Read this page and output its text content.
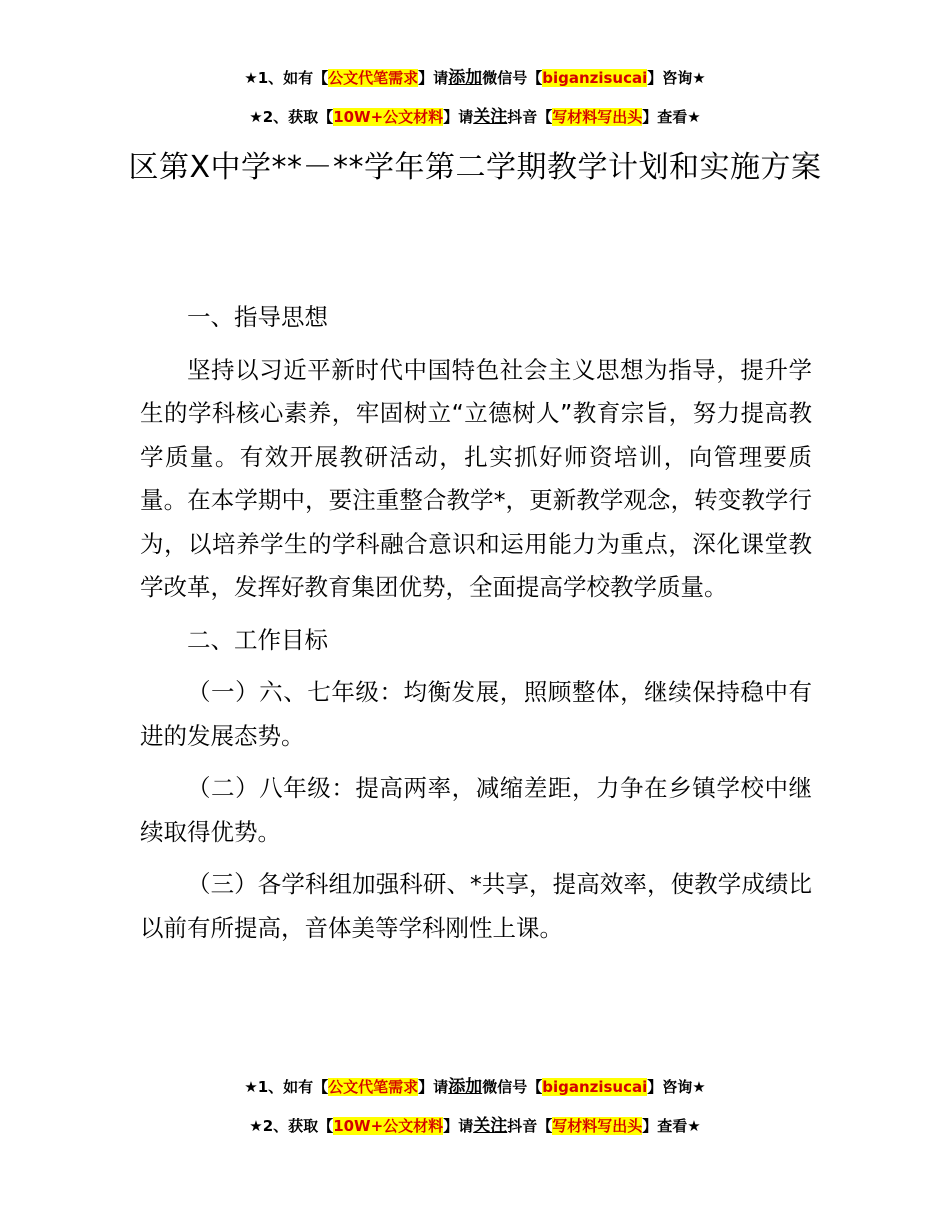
★1、如有【公文代笔需求】请添加微信号【biganzisucai】咨询★
★2、获取【10W+公文材料】请关注抖音【写材料写出头】查看★
区第Ⅹ中学**－**学年第二学期教学计划和实施方案

一、指导思想

坚持以习近平新时代中国特色社会主义思想为指导，提升学生的学科核心素养，牢固树立“立德树人”教育宗旨，努力提高教学质量。有效开展教研活动，扎实抓好师资培训，向管理要质量。在本学期中，要注重整合教学*，更新教学观念，转变教学行为，以培养学生的学科融合意识和运用能力为重点，深化课堂教学改革，发挥好教育集团优势，全面提高学校教学质量。

二、工作目标

（一）六、七年级：均衡发展，照顾整体，继续保持稳中有进的发展态势。

（二）八年级：提高两率，减缩差距，力争在乡镇学校中继续取得优势。

（三）各学科组加强科研、*共享，提高效率，使教学成绩比以前有所提高，音体美等学科刚性上课。

★1、如有【公文代笔需求】请添加微信号【biganzisucai】咨询★
★2、获取【10W+公文材料】请关注抖音【写材料写出头】查看★
